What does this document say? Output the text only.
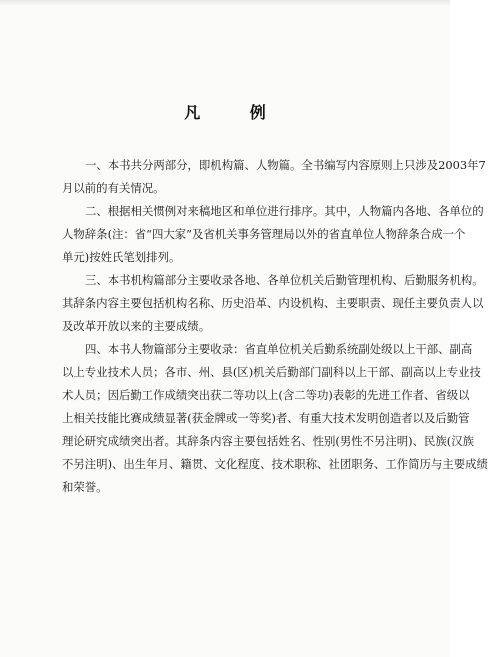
凡 例
一、本书共分两部分，即机构篇、人物篇。全书编写内容原则上只涉及2003年7
月以前的有关情况。
二、根据相关惯例对来稿地区和单位进行排序。其中，人物篇内各地、各单位的
人物辞条(注：省“四大家”及省机关事务管理局以外的省直单位人物辞条合成一个
单元)按姓氏笔划排列。
三、本书机构篇部分主要收录各地、各单位机关后勤管理机构、后勤服务机构。
其辞条内容主要包括机构名称、历史沿革、内设机构、主要职责、现任主要负责人以
及改革开放以来的主要成绩。
四、本书人物篇部分主要收录：省直单位机关后勤系统副处级以上干部、副高
以上专业技术人员；各市、州、县(区)机关后勤部门副科以上干部、副高以上专业技
术人员；因后勤工作成绩突出获二等功以上(含二等功)表彰的先进工作者、省级以
上相关技能比赛成绩显著(获金牌或一等奖)者、有重大技术发明创造者以及后勤管
理论研究成绩突出者。其辞条内容主要包括姓名、性别(男性不另注明)、民族(汉族
不另注明)、出生年月、籍贯、文化程度、技术职称、社团职务、工作简历与主要成绩
和荣誉。
